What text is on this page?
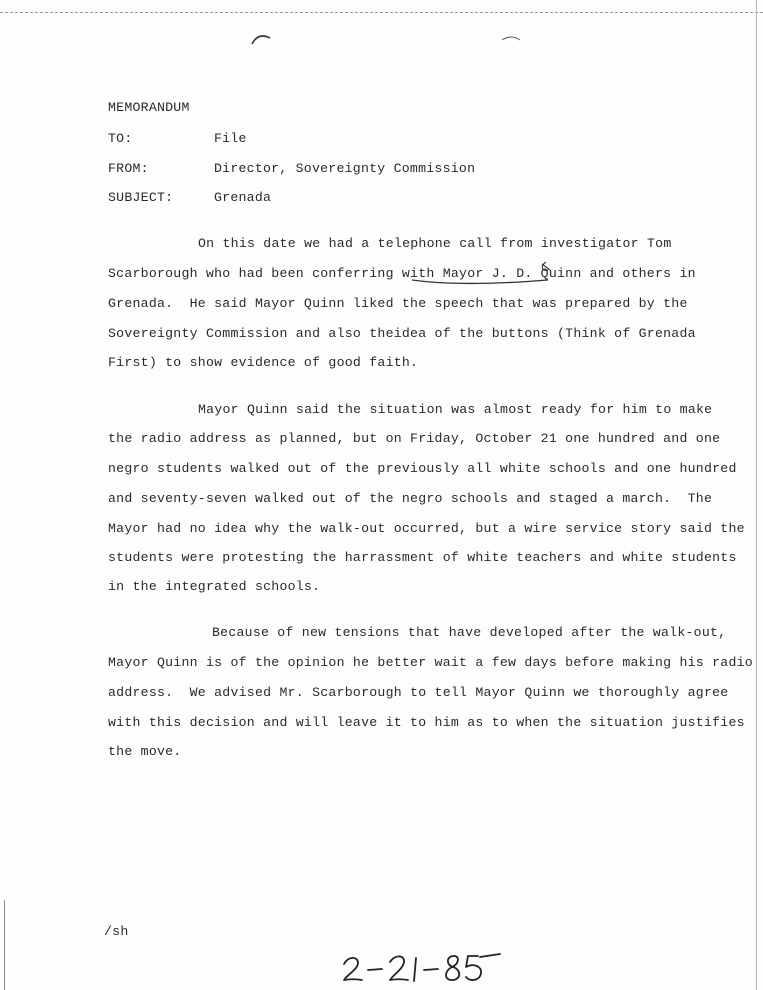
MEMORANDUM
TO:	File
FROM:	Director, Sovereignty Commission
SUBJECT:	Grenada
On this date we had a telephone call from investigator Tom
Scarborough who had been conferring with Mayor J. D. Quinn and others in
Grenada.  He said Mayor Quinn liked the speech that was prepared by the
Sovereignty Commission and also theidea of the buttons (Think of Grenada
First) to show evidence of good faith.
Mayor Quinn said the situation was almost ready for him to make
the radio address as planned, but on Friday, October 21 one hundred and one
negro students walked out of the previously all white schools and one hundred
and seventy-seven walked out of the negro schools and staged a march.  The
Mayor had no idea why the walk-out occurred, but a wire service story said the
students were protesting the harrassment of white teachers and white students
in the integrated schools.
Because of new tensions that have developed after the walk-out,
Mayor Quinn is of the opinion he better wait a few days before making his radio
address.  We advised Mr. Scarborough to tell Mayor Quinn we thoroughly agree
with this decision and will leave it to him as to when the situation justifies
the move.
/sh
